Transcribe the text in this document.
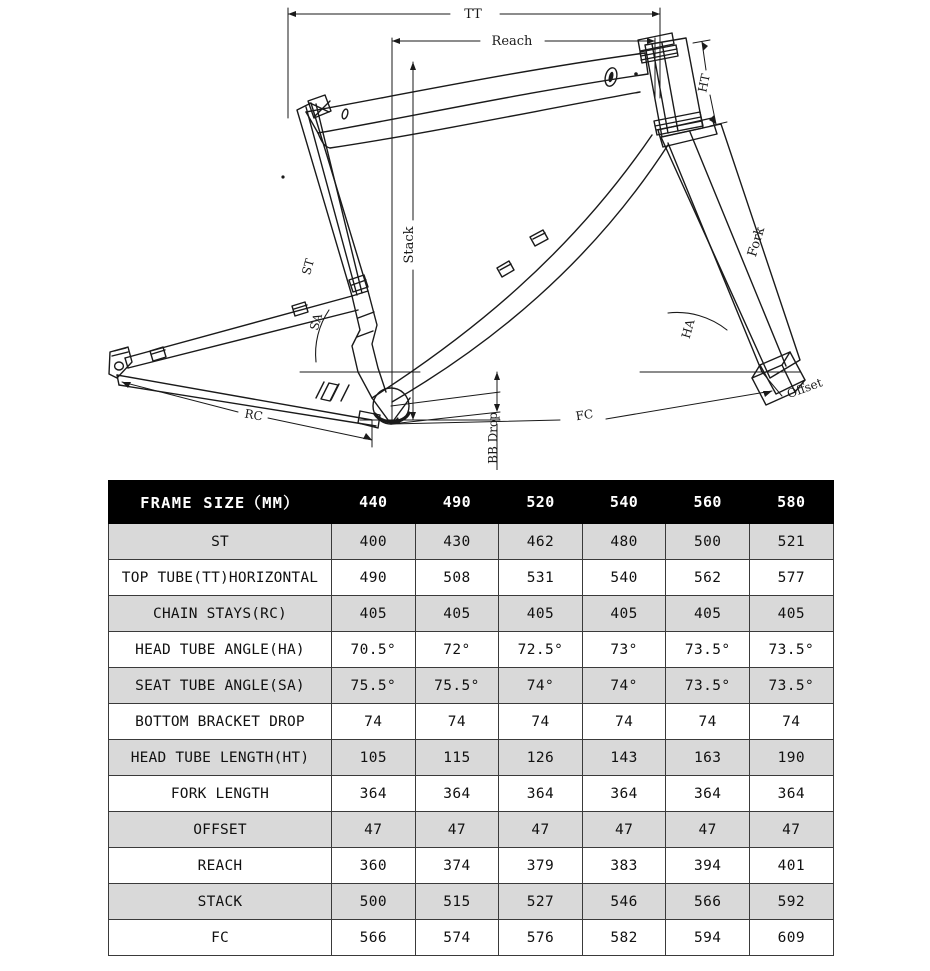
TT
Reach
Stack
ST
SA	HA
HT
Fork
Offset
RC	FC
BB Drop
FRAME SIZE（MM）	440	490	520	540	560	580
ST	400	430	462	480	500	521
TOP TUBE(TT)HORIZONTAL	490	508	531	540	562	577
CHAIN STAYS(RC)	405	405	405	405	405	405
HEAD TUBE ANGLE(HA)	70.5°	72°	72.5°	73°	73.5°	73.5°
SEAT TUBE ANGLE(SA)	75.5°	75.5°	74°	74°	73.5°	73.5°
BOTTOM BRACKET DROP	74	74	74	74	74	74
HEAD TUBE LENGTH(HT)	105	115	126	143	163	190
FORK LENGTH	364	364	364	364	364	364
OFFSET	47	47	47	47	47	47
REACH	360	374	379	383	394	401
STACK	500	515	527	546	566	592
FC	566	574	576	582	594	609
